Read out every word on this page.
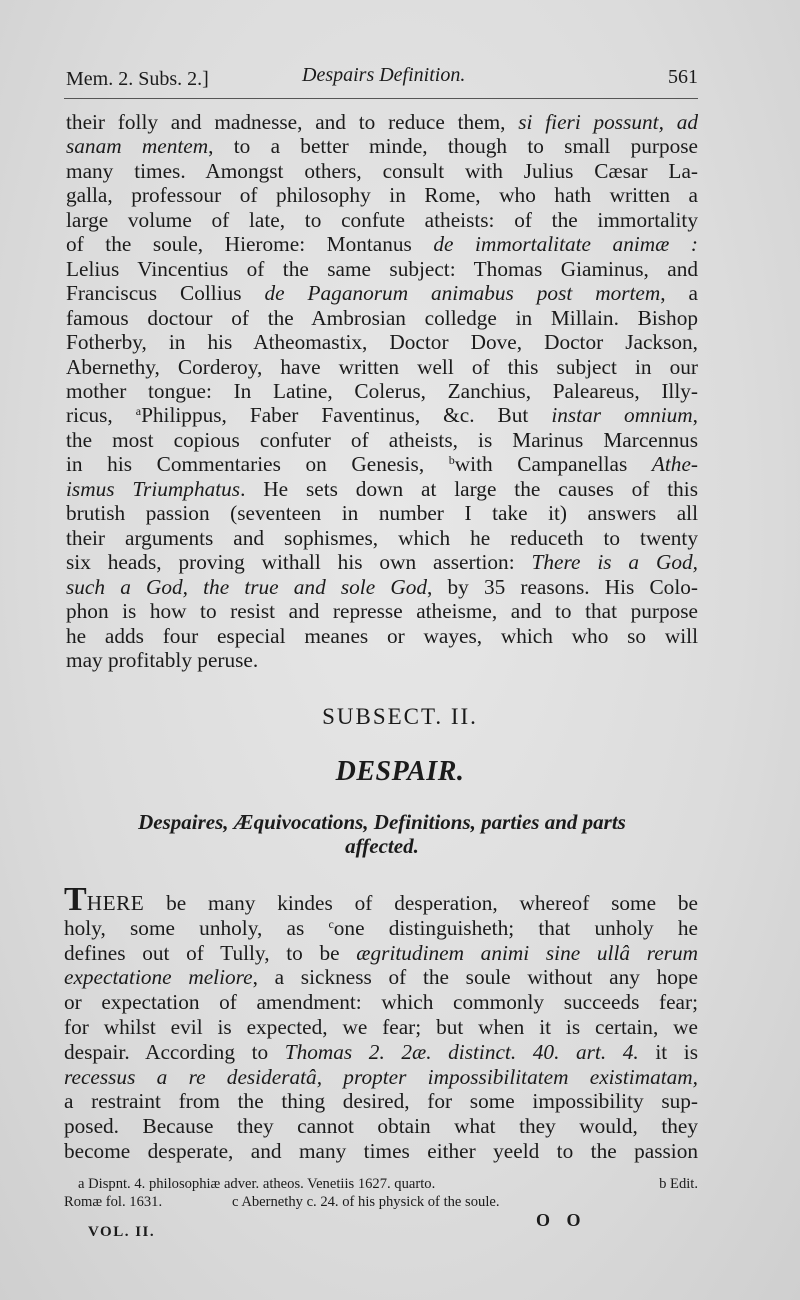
Mem. 2. Subs. 2.]	Despairs Definition.	561
their folly and madnesse, and to reduce them, si fieri possunt, ad
sanam mentem, to a better minde, though to small purpose
many times. Amongst others, consult with Julius Cæsar La-
galla, professour of philosophy in Rome, who hath written a
large volume of late, to confute atheists: of the immortality
of the soule, Hierome: Montanus de immortalitate animæ :
Lelius Vincentius of the same subject: Thomas Giaminus, and
Franciscus Collius de Paganorum animabus post mortem, a
famous doctour of the Ambrosian colledge in Millain. Bishop
Fotherby, in his Atheomastix, Doctor Dove, Doctor Jackson,
Abernethy, Corderoy, have written well of this subject in our
mother tongue: In Latine, Colerus, Zanchius, Paleareus, Illy-
ricus, $^a$Philippus, Faber Faventinus, &c. But instar omnium,
the most copious confuter of atheists, is Marinus Marcennus
in his Commentaries on Genesis, $^b$with Campanellas Athe-
ismus Triumphatus. He sets down at large the causes of this
brutish passion (seventeen in number I take it) answers all
their arguments and sophismes, which he reduceth to twenty
six heads, proving withall his own assertion: There is a God,
such a God, the true and sole God, by 35 reasons. His Colo-
phon is how to resist and represse atheisme, and to that purpose
he adds four especial meanes or wayes, which who so will
may profitably peruse.
SUBSECT. II.
DESPAIR.
Despaires, Æquivocations, Definitions, parties and parts
affected.
THERE be many kindes of desperation, whereof some be
holy, some unholy, as $^c$one distinguisheth; that unholy he
defines out of Tully, to be ægritudinem animi sine ullâ rerum
expectatione meliore, a sickness of the soule without any hope
or expectation of amendment: which commonly succeeds fear;
for whilst evil is expected, we fear; but when it is certain, we
despair. According to Thomas 2. 2æ. distinct. 40. art. 4. it is
recessus a re desideratâ, propter impossibilitatem existimatam,
a restraint from the thing desired, for some impossibility sup-
posed. Because they cannot obtain what they would, they
become desperate, and many times either yeeld to the passion
a Dispnt. 4. philosophiæ adver. atheos. Venetiis 1627. quarto.	b Edit.
Romæ fol. 1631.	c Abernethy c. 24. of his physick of the soule.
VOL. II.
O O
